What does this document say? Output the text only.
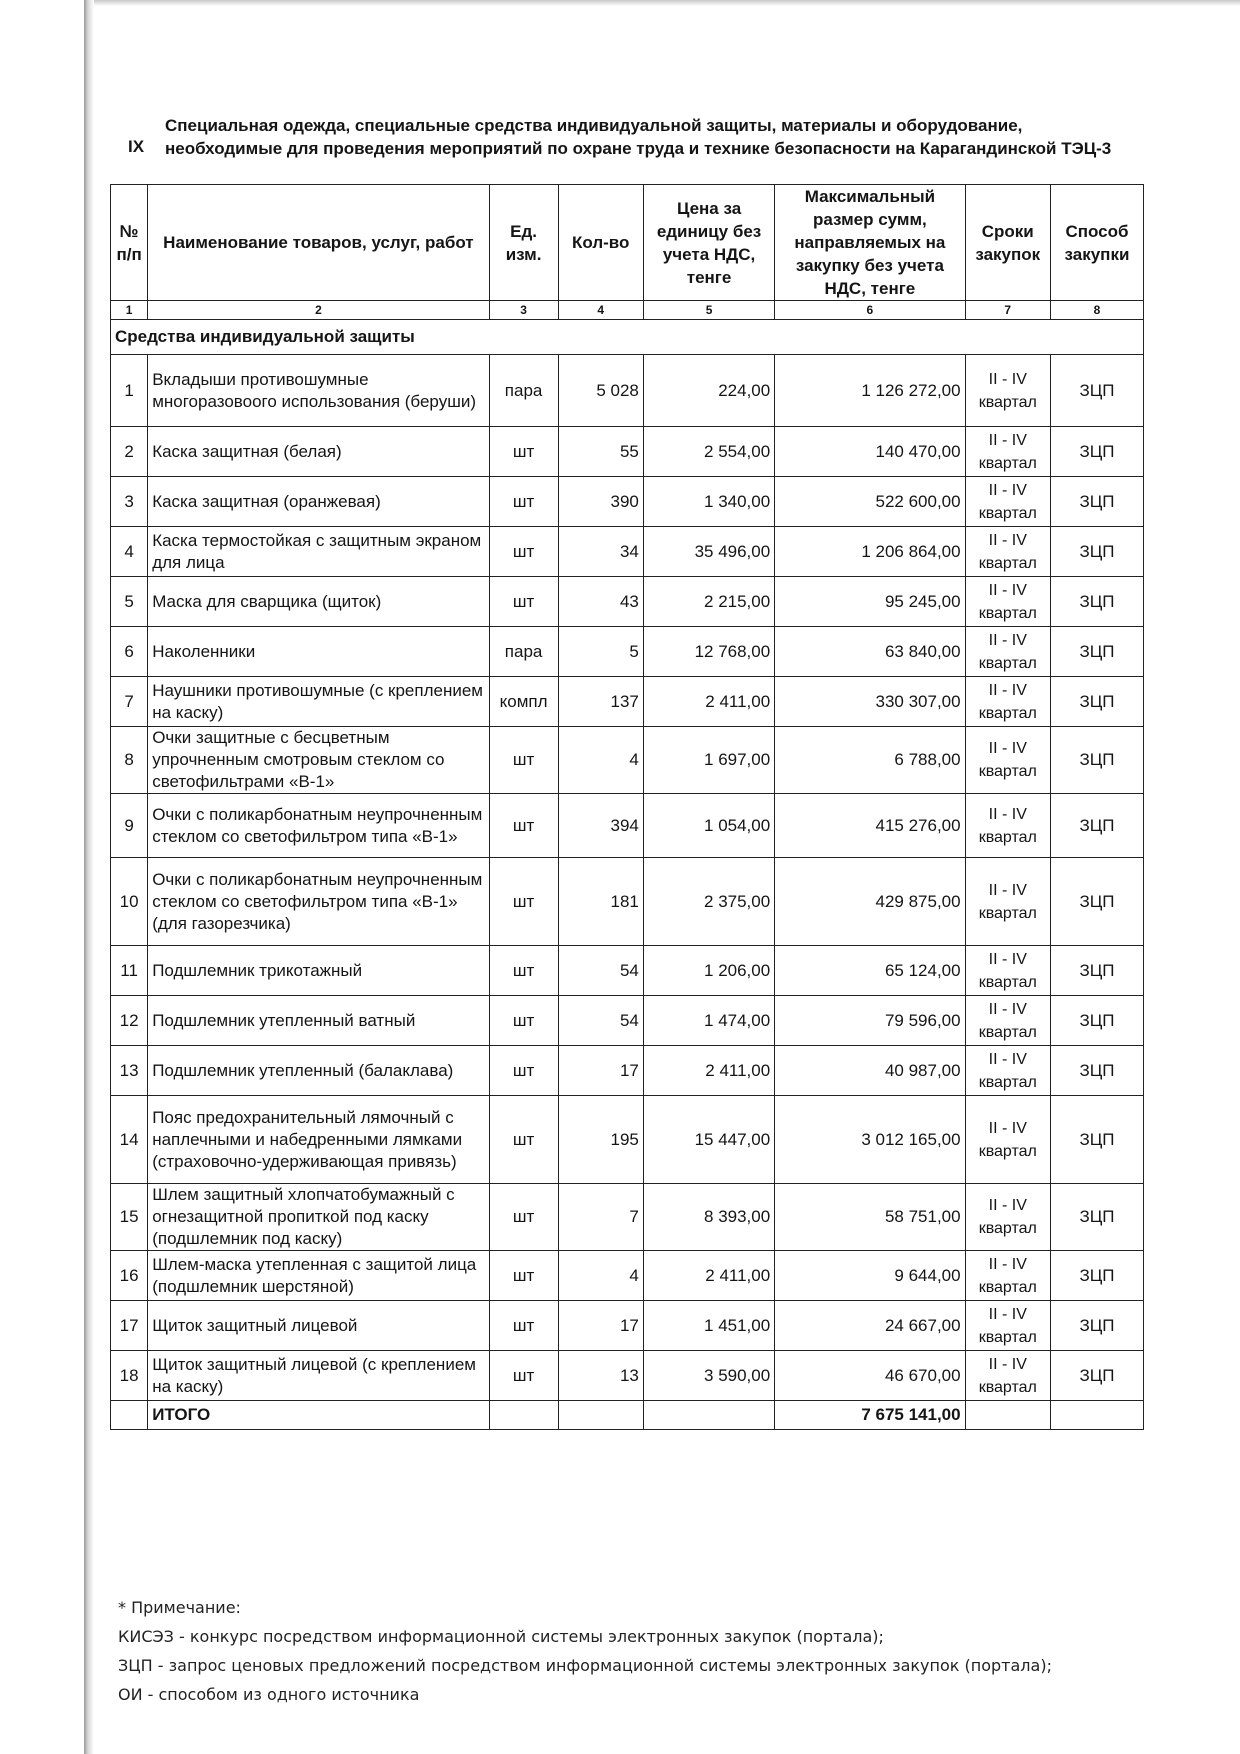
IX
Специальная одежда, специальные средства индивидуальной защиты, материалы и оборудование, необходимые для проведения мероприятий по охране труда и технике безопасности на Карагандинской ТЭЦ-3
№ п/п	Наименование товаров, услуг, работ	Ед. изм.	Кол-во	Цена за единицу без учета НДС, тенге	Максимальный размер сумм, направляемых на закупку без учета НДС, тенге	Сроки закупок	Способ закупки
1	2	3	4	5	6	7	8
Средства индивидуальной защиты							
1	Вкладыши противошумные многоразовоого использования (беруши)	пара	5 028	224,00	1 126 272,00	II - IV квартал	ЗЦП
2	Каска защитная (белая)	шт	55	2 554,00	140 470,00	II - IV квартал	ЗЦП
3	Каска защитная (оранжевая)	шт	390	1 340,00	522 600,00	II - IV квартал	ЗЦП
4	Каска термостойкая с защитным экраном для лица	шт	34	35 496,00	1 206 864,00	II - IV квартал	ЗЦП
5	Маска для сварщика (щиток)	шт	43	2 215,00	95 245,00	II - IV квартал	ЗЦП
6	Наколенники	пара	5	12 768,00	63 840,00	II - IV квартал	ЗЦП
7	Наушники противошумные (с креплением на каску)	компл	137	2 411,00	330 307,00	II - IV квартал	ЗЦП
8	Очки защитные с бесцветным упрочненным смотровым стеклом со светофильтрами «В-1»	шт	4	1 697,00	6 788,00	II - IV квартал	ЗЦП
9	Очки с поликарбонатным неупрочненным стеклом со светофильтром типа «В-1»	шт	394	1 054,00	415 276,00	II - IV квартал	ЗЦП
10	Очки с поликарбонатным неупрочненным стеклом со светофильтром типа «В-1» (для газорезчика)	шт	181	2 375,00	429 875,00	II - IV квартал	ЗЦП
11	Подшлемник трикотажный	шт	54	1 206,00	65 124,00	II - IV квартал	ЗЦП
12	Подшлемник утепленный ватный	шт	54	1 474,00	79 596,00	II - IV квартал	ЗЦП
13	Подшлемник утепленный (балаклава)	шт	17	2 411,00	40 987,00	II - IV квартал	ЗЦП
14	Пояс предохранительный лямочный с наплечными и набедренными лямками (страховочно-удерживающая привязь)	шт	195	15 447,00	3 012 165,00	II - IV квартал	ЗЦП
15	Шлем защитный хлопчатобумажный с огнезащитной пропиткой под каску (подшлемник под каску)	шт	7	8 393,00	58 751,00	II - IV квартал	ЗЦП
16	Шлем-маска утепленная с защитой лица (подшлемник шерстяной)	шт	4	2 411,00	9 644,00	II - IV квартал	ЗЦП
17	Щиток защитный лицевой	шт	17	1 451,00	24 667,00	II - IV квартал	ЗЦП
18	Щиток защитный лицевой (с креплением на каску)	шт	13	3 590,00	46 670,00	II - IV квартал	ЗЦП
	ИТОГО				7 675 141,00		
* Примечание:
КИСЭЗ - конкурс посредством информационной системы электронных закупок (портала);
ЗЦП - запрос ценовых предложений посредством информационной системы электронных закупок (портала);
ОИ - способом из одного источника
